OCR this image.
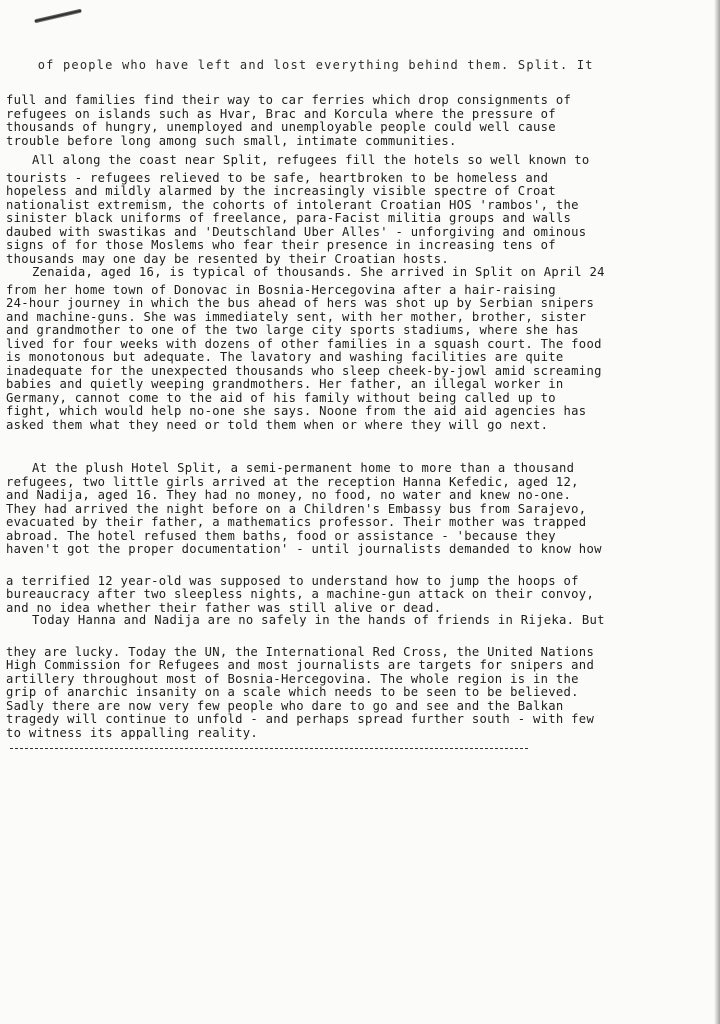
of people who have left and lost everything behind them. Split. It

full and families find their way to car ferries which drop consignments of
refugees on islands such as Hvar, Brac and Korcula where the pressure of
thousands of hungry, unemployed and unemployable people could well cause
trouble before long among such small, intimate communities.
All along the coast near Split, refugees fill the hotels so well known to
tourists - refugees relieved to be safe, heartbroken to be homeless and
hopeless and mildly alarmed by the increasingly visible spectre of Croat
nationalist extremism, the cohorts of intolerant Croatian HOS 'rambos', the
sinister black uniforms of freelance, para-Facist militia groups and walls
daubed with swastikas and 'Deutschland Uber Alles' - unforgiving and ominous
signs of for those Moslems who fear their presence in increasing tens of
thousands may one day be resented by their Croatian hosts.
Zenaida, aged 16, is typical of thousands. She arrived in Split on April 24
from her home town of Donovac in Bosnia-Hercegovina after a hair-raising
24-hour journey in which the bus ahead of hers was shot up by Serbian snipers
and machine-guns. She was immediately sent, with her mother, brother, sister
and grandmother to one of the two large city sports stadiums, where she has
lived for four weeks with dozens of other families in a squash court. The food
is monotonous but adequate. The lavatory and washing facilities are quite
inadequate for the unexpected thousands who sleep cheek-by-jowl amid screaming
babies and quietly weeping grandmothers. Her father, an illegal worker in
Germany, cannot come to the aid of his family without being called up to
fight, which would help no-one she says. Noone from the aid aid agencies has
asked them what they need or told them when or where they will go next.
At the plush Hotel Split, a semi-permanent home to more than a thousand
refugees, two little girls arrived at the reception Hanna Kefedic, aged 12,
and Nadija, aged 16. They had no money, no food, no water and knew no-one.
They had arrived the night before on a Children's Embassy bus from Sarajevo,
evacuated by their father, a mathematics professor. Their mother was trapped
abroad. The hotel refused them baths, food or assistance - 'because they
haven't got the proper documentation' - until journalists demanded to know how
a terrified 12 year-old was supposed to understand how to jump the hoops of
bureaucracy after two sleepless nights, a machine-gun attack on their convoy,
and no idea whether their father was still alive or dead.
Today Hanna and Nadija are no safely in the hands of friends in Rijeka. But
they are lucky. Today the UN, the International Red Cross, the United Nations
High Commission for Refugees and most journalists are targets for snipers and
artillery throughout most of Bosnia-Hercegovina. The whole region is in the
grip of anarchic insanity on a scale which needs to be seen to be believed.
Sadly there are now very few people who dare to go and see and the Balkan
tragedy will continue to unfold - and perhaps spread further south - with few
to witness its appalling reality.
